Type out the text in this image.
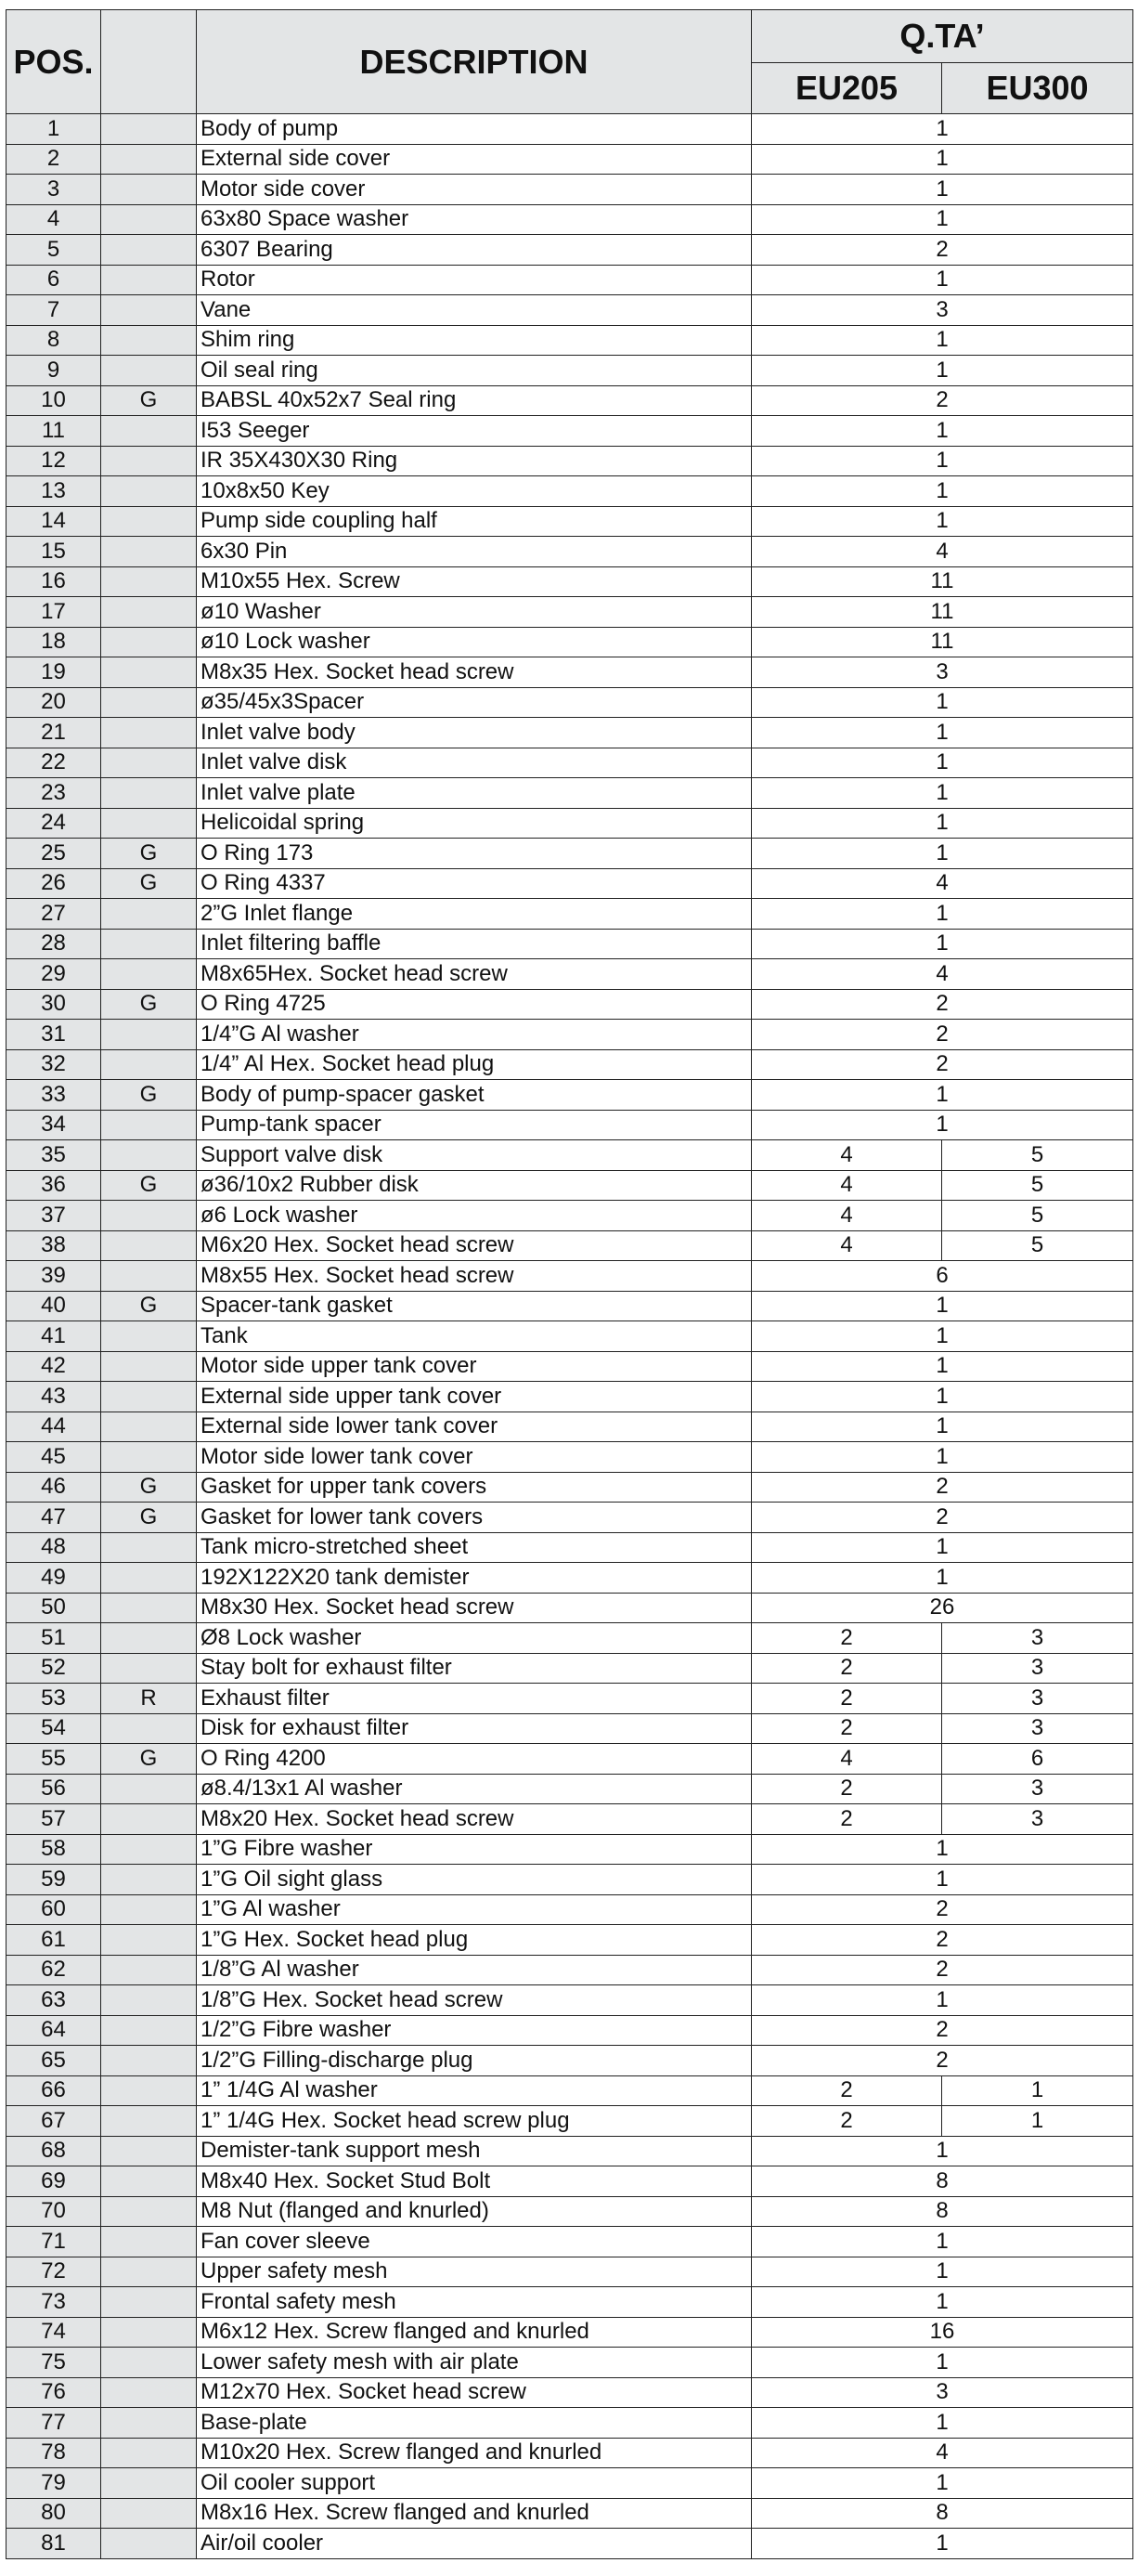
POS.		DESCRIPTION	Q.TA’	
			EU205	EU300
1		Body of pump	1	
2		External side cover	1	
3		Motor side cover	1	
4		63x80 Space washer	1	
5		6307 Bearing	2	
6		Rotor	1	
7		Vane	3	
8		Shim ring	1	
9		Oil seal ring	1	
10	G	BABSL 40x52x7 Seal ring	2	
11		I53 Seeger	1	
12		IR 35X430X30 Ring	1	
13		10x8x50 Key	1	
14		Pump side coupling half	1	
15		6x30 Pin	4	
16		M10x55 Hex. Screw	11	
17		ø10 Washer	11	
18		ø10 Lock washer	11	
19		M8x35 Hex. Socket head screw	3	
20		ø35/45x3Spacer	1	
21		Inlet valve body	1	
22		Inlet valve disk	1	
23		Inlet valve plate	1	
24		Helicoidal spring	1	
25	G	O Ring 173	1	
26	G	O Ring 4337	4	
27		2”G Inlet flange	1	
28		Inlet filtering baffle	1	
29		M8x65Hex. Socket head screw	4	
30	G	O Ring 4725	2	
31		1/4”G Al washer	2	
32		1/4” Al Hex. Socket head plug	2	
33	G	Body of pump-spacer gasket	1	
34		Pump-tank spacer	1	
35		Support valve disk	4	5
36	G	ø36/10x2 Rubber disk	4	5
37		ø6 Lock washer	4	5
38		M6x20 Hex. Socket head screw	4	5
39		M8x55 Hex. Socket head screw	6	
40	G	Spacer-tank gasket	1	
41		Tank	1	
42		Motor side upper tank cover	1	
43		External side upper tank cover	1	
44		External side lower tank cover	1	
45		Motor side lower tank cover	1	
46	G	Gasket for upper tank covers	2	
47	G	Gasket for lower tank covers	2	
48		Tank micro-stretched sheet	1	
49		192X122X20 tank demister	1	
50		M8x30 Hex. Socket head screw	26	
51		Ø8 Lock washer	2	3
52		Stay bolt for exhaust filter	2	3
53	R	Exhaust filter	2	3
54		Disk for exhaust filter	2	3
55	G	O Ring 4200	4	6
56		ø8.4/13x1 Al washer	2	3
57		M8x20 Hex. Socket head screw	2	3
58		1”G Fibre washer	1	
59		1”G Oil sight glass	1	
60		1”G Al washer	2	
61		1”G Hex. Socket head plug	2	
62		1/8”G Al washer	2	
63		1/8”G Hex. Socket head screw	1	
64		1/2”G Fibre washer	2	
65		1/2”G Filling-discharge plug	2	
66		1” 1/4G Al washer	2	1
67		1” 1/4G Hex. Socket head screw plug	2	1
68		Demister-tank support mesh	1	
69		M8x40 Hex. Socket Stud Bolt	8	
70		M8 Nut (flanged and knurled)	8	
71		Fan cover sleeve	1	
72		Upper safety mesh	1	
73		Frontal safety mesh	1	
74		M6x12 Hex. Screw flanged and knurled	16	
75		Lower safety mesh with air plate	1	
76		M12x70 Hex. Socket head screw	3	
77		Base-plate	1	
78		M10x20 Hex. Screw flanged and knurled	4	
79		Oil cooler support	1	
80		M8x16 Hex. Screw flanged and knurled	8	
81		Air/oil cooler	1	
